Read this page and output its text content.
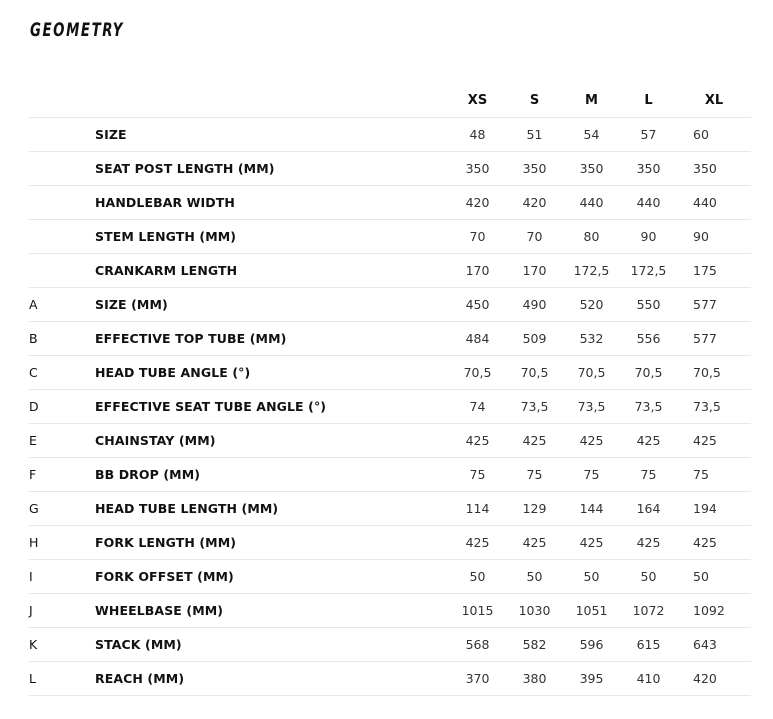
GEOMETRY
		XS	S	M	L	XL
	SIZE	48	51	54	57	60
	SEAT POST LENGTH (MM)	350	350	350	350	350
	HANDLEBAR WIDTH	420	420	440	440	440
	STEM LENGTH (MM)	70	70	80	90	90
	CRANKARM LENGTH	170	170	172,5	172,5	175
A	SIZE (MM)	450	490	520	550	577
B	EFFECTIVE TOP TUBE (MM)	484	509	532	556	577
C	HEAD TUBE ANGLE (°)	70,5	70,5	70,5	70,5	70,5
D	EFFECTIVE SEAT TUBE ANGLE (°)	74	73,5	73,5	73,5	73,5
E	CHAINSTAY (MM)	425	425	425	425	425
F	BB DROP (MM)	75	75	75	75	75
G	HEAD TUBE LENGTH (MM)	114	129	144	164	194
H	FORK LENGTH (MM)	425	425	425	425	425
I	FORK OFFSET (MM)	50	50	50	50	50
J	WHEELBASE (MM)	1015	1030	1051	1072	1092
K	STACK (MM)	568	582	596	615	643
L	REACH (MM)	370	380	395	410	420
